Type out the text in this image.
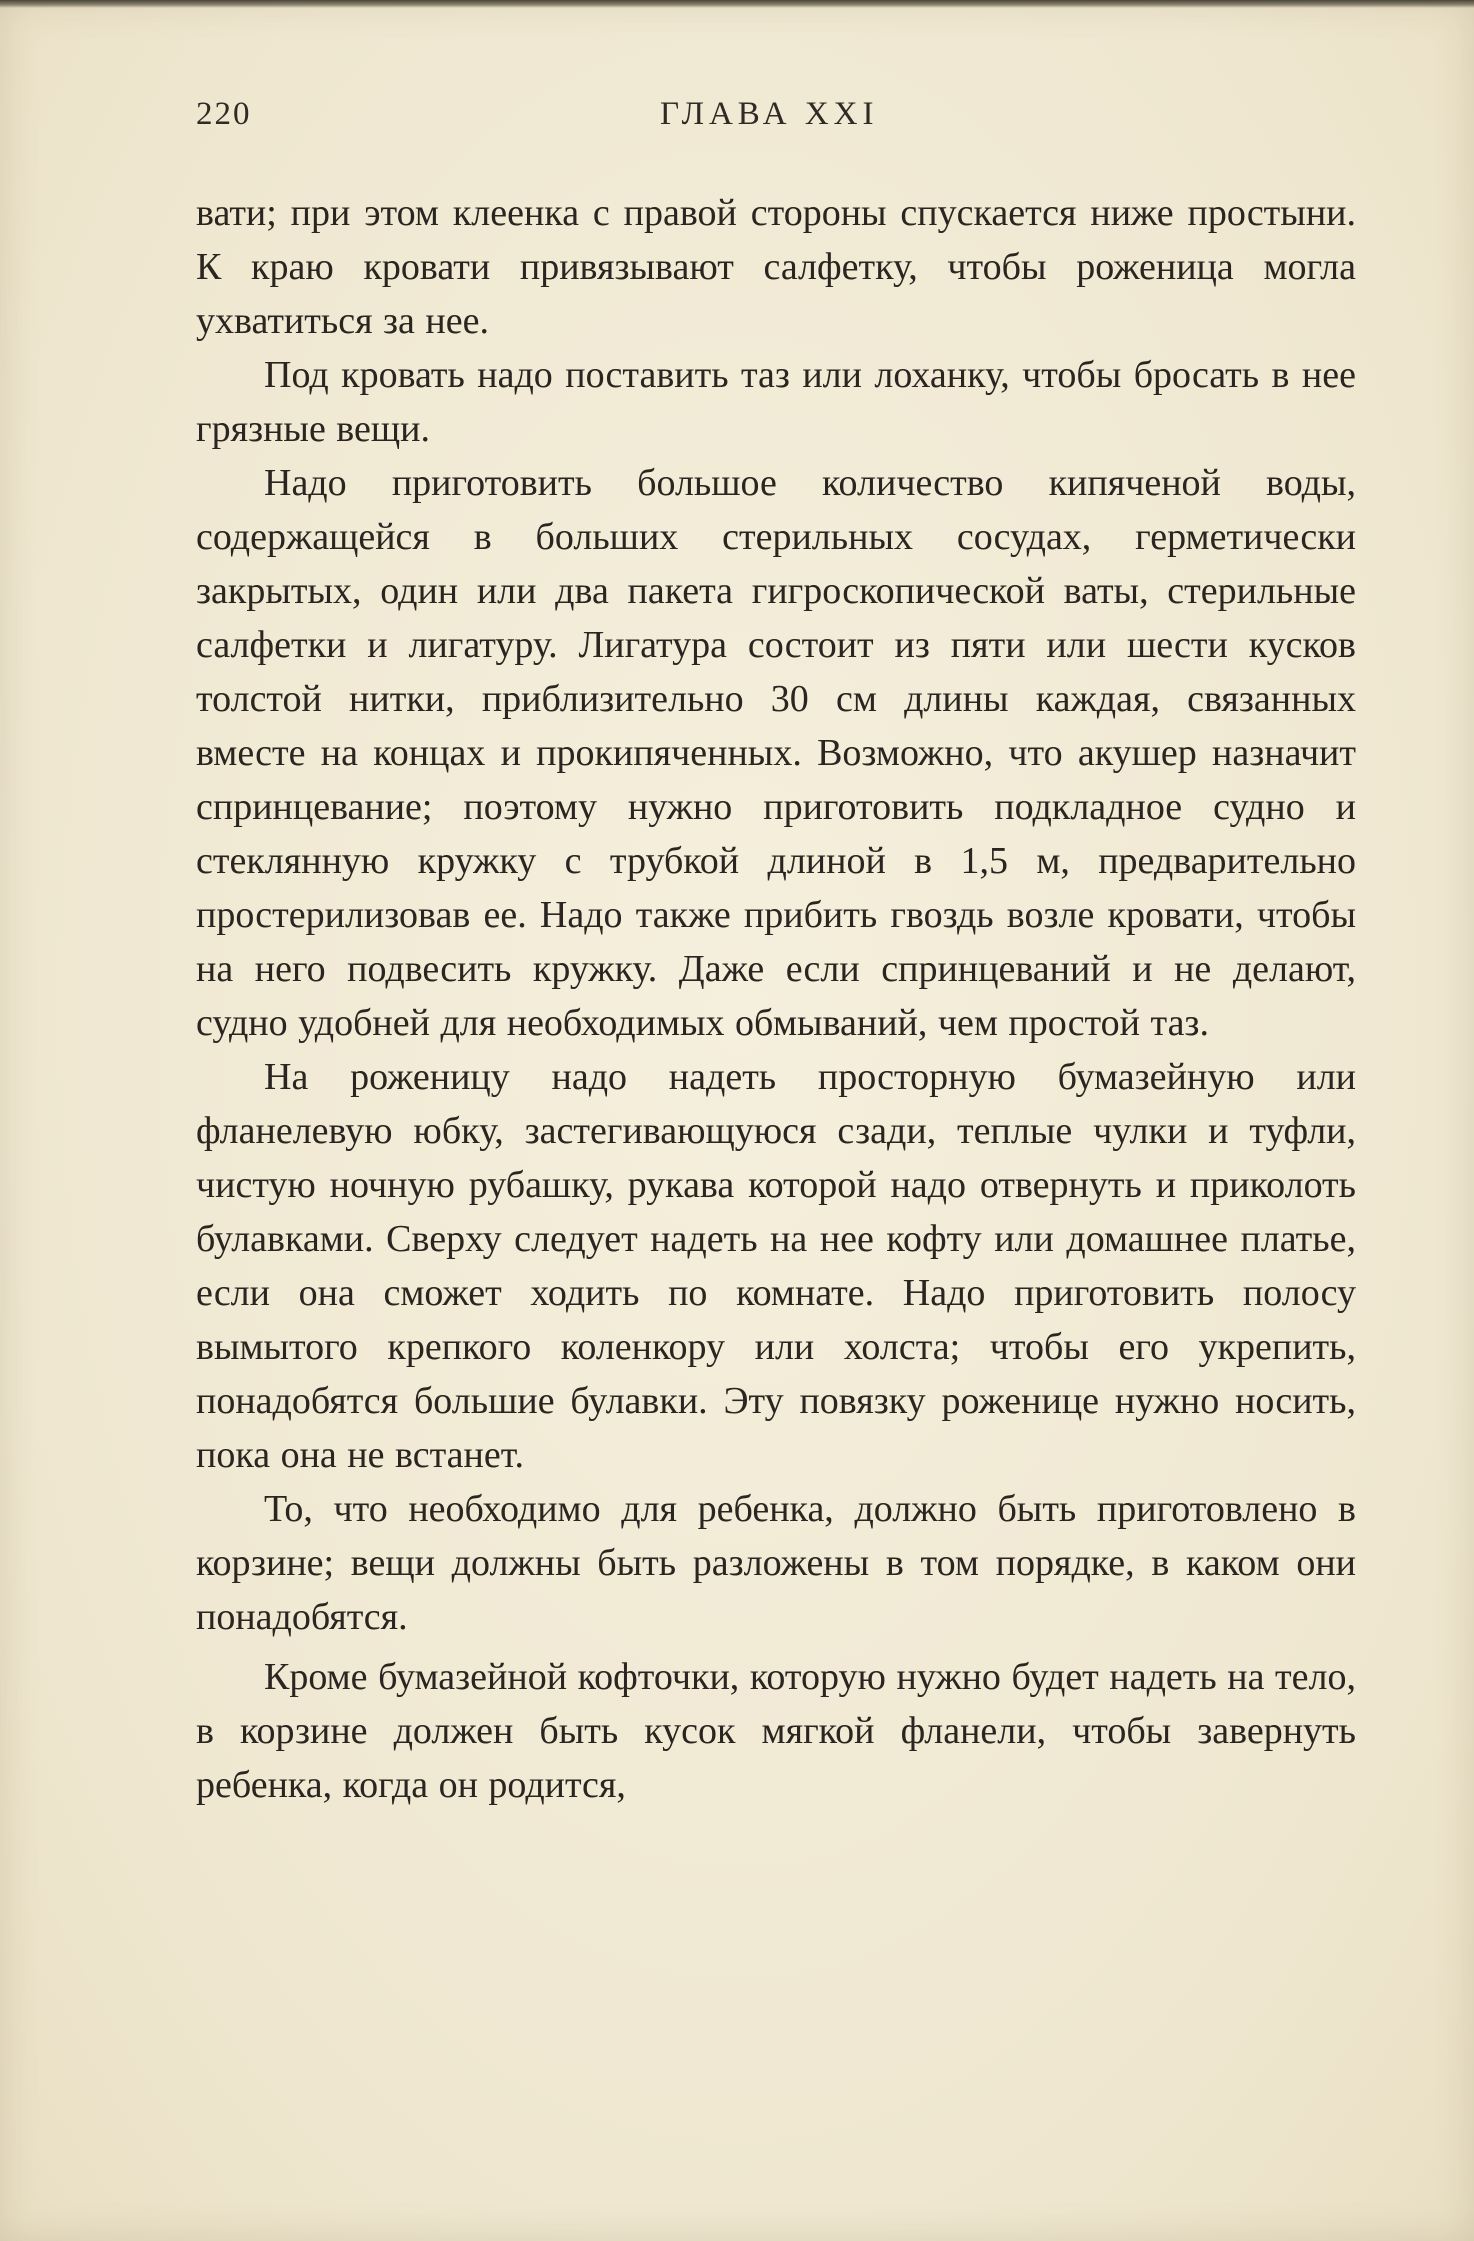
220	ГЛАВА XXI

вати; при этом клеенка с правой стороны спускается ниже простыни. К краю кровати привязывают салфетку, чтобы роженица могла ухватиться за нее.

Под кровать надо поставить таз или лоханку, чтобы бросать в нее грязные вещи.

Надо приготовить большое количество кипяченой воды, содержащейся в больших стерильных сосудах, герметически закрытых, один или два пакета гигроскопической ваты, стерильные салфетки и лигатуру. Лигатура состоит из пяти или шести кусков толстой нитки, приблизительно 30 см длины каждая, связанных вместе на концах и прокипяченных. Возможно, что акушер назначит спринцевание; поэтому нужно приготовить подкладное судно и стеклянную кружку с трубкой длиной в 1,5 м, предварительно простерилизовав ее. Надо также прибить гвоздь возле кровати, чтобы на него подвесить кружку. Даже если спринцеваний и не делают, судно удобней для необходимых обмываний, чем простой таз.

На роженицу надо надеть просторную бумазейную или фланелевую юбку, застегивающуюся сзади, теплые чулки и туфли, чистую ночную рубашку, рукава которой надо отвернуть и приколоть булавками. Сверху следует надеть на нее кофту или домашнее платье, если она сможет ходить по комнате. Надо приготовить полосу вымытого крепкого коленкору или холста; чтобы его укрепить, понадобятся большие булавки. Эту повязку роженице нужно носить, пока она не встанет.

То, что необходимо для ребенка, должно быть приготовлено в корзине; вещи должны быть разложены в том порядке, в каком они понадобятся.

Кроме бумазейной кофточки, которую нужно будет надеть на тело, в корзине должен быть кусок мягкой фланели, чтобы завернуть ребенка, когда он родится,
